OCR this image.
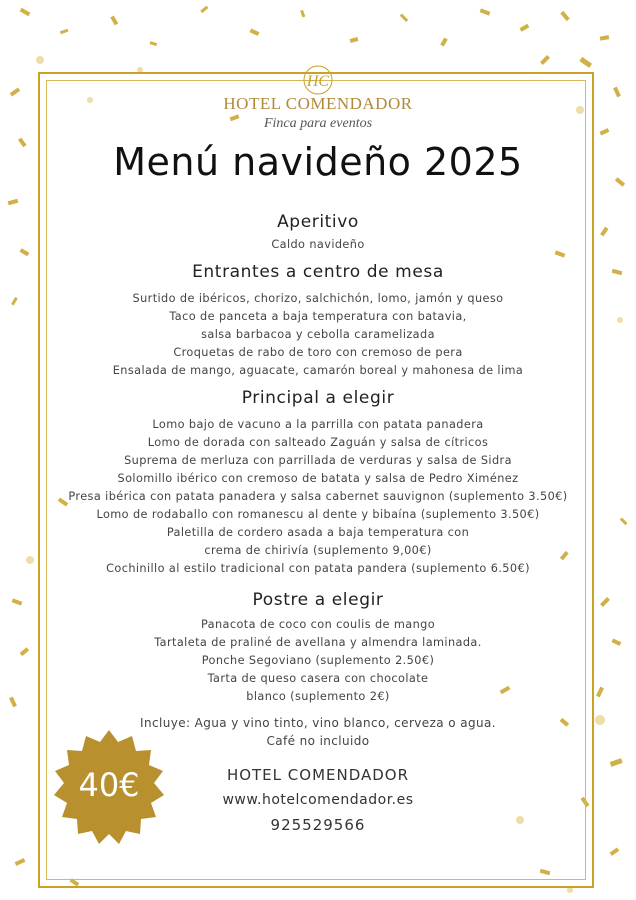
HC
HOTEL COMENDADOR
Finca para eventos
Menú navideño 2025
Aperitivo
Caldo navideño
Entrantes a centro de mesa
Surtido de ibéricos, chorizo, salchichón, lomo, jamón y queso
Taco de panceta a baja temperatura con batavia,
salsa barbacoa y cebolla caramelizada
Croquetas de rabo de toro con cremoso de pera
Ensalada de mango, aguacate, camarón boreal y mahonesa de lima
Principal a elegir
Lomo bajo de vacuno a la parrilla con patata panadera
Lomo de dorada con salteado Zaguán y salsa de cítricos
Suprema de merluza con parrillada de verduras y salsa de Sidra
Solomillo ibérico con cremoso de batata y salsa de Pedro Ximénez
Presa ibérica con patata panadera y salsa cabernet sauvignon (suplemento 3.50€)
Lomo de rodaballo con romanescu al dente y bibaína (suplemento 3.50€)
Paletilla de cordero asada a baja temperatura con
crema de chirivía (suplemento 9,00€)
Cochinillo al estilo tradicional con patata pandera (suplemento 6.50€)
Postre a elegir
Panacota de coco con coulis de mango
Tartaleta de praliné de avellana y almendra laminada.
Ponche Segoviano (suplemento 2.50€)
Tarta de queso casera con chocolate
blanco (suplemento 2€)
Incluye: Agua y vino tinto, vino blanco, cerveza o agua.
Café no incluido
40€	HOTEL COMENDADOR
www.hotelcomendador.es
925529566
